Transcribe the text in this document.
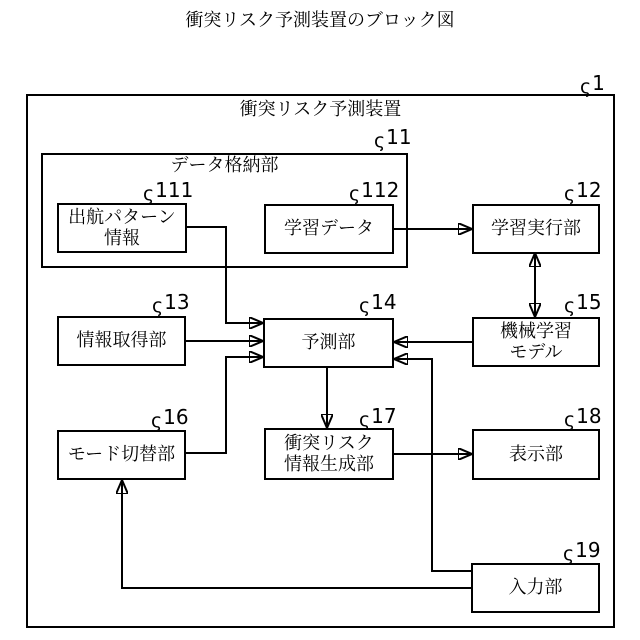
衝突リスク予測装置のブロック図
衝突リスク予測装置
データ格納部
出航パターン
情報	学習データ	学習実行部
情報取得部	予測部
機械学習
モデル
モード切替部
衝突リスク
情報生成部	表示部
入力部
ς1
ς11
ς111	ς112	ς12
ς13	ς14	ς15
ς16	ς17	ς18
ς19
